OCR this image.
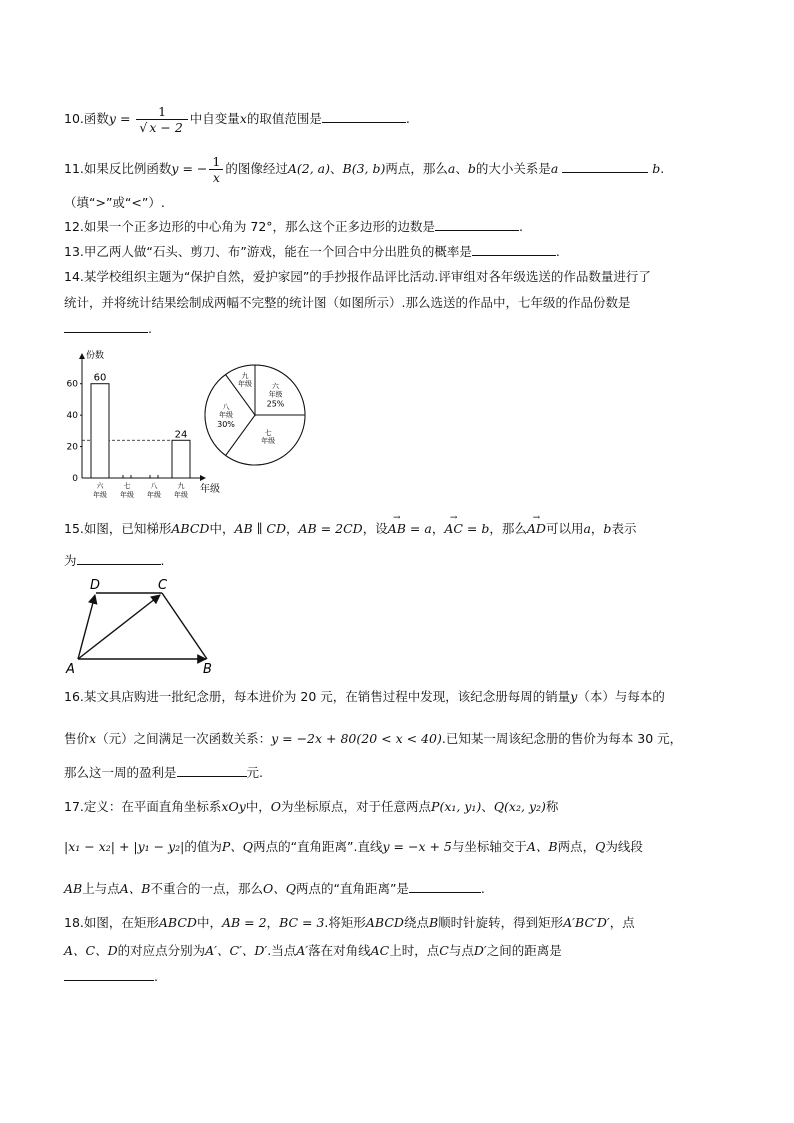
10.函数$y = \frac{1}{√ x - 2}$ 中自变量x的取值范围是	.
11.如果反比例函数y = − $\frac{1}{x}$ 的图像经过A(2, a)、B(3, b)两点，那么a、b的大小关系是a	b.
（填“>”或“<”）.
12.如果一个正多边形的中心角为 72°，那么这个正多边形的边数是	.
13.甲乙两人做“石头、剪刀、布”游戏，能在一个回合中分出胜负的概率是	.
14.某学校组织主题为“保护自然，爱护家园”的手抄报作品评比活动.评审组对各年级选送的作品数量进行了
统计，并将统计结果绘制成两幅不完整的统计图（如图所示）.那么选送的作品中，七年级的作品份数是
.
份数
年级
0
20
40
60
60
六
年级
七
年级
八
年级
24
九
年级
六
年级
25%
七
年级
八
年级
30%
九
年级
15.如图，已知梯形ABCD中，AB ∥ CD，AB = 2CD，设→ AB = a，→ AC = b，那么→ AD可以用a，b表示
为	.
A	B
C
D
16.某文具店购进一批纪念册，每本进价为 20 元，在销售过程中发现，该纪念册每周的销量y（本）与每本的
售价x（元）之间满足一次函数关系：y = −2x + 80(20 < x < 40).已知某一周该纪念册的售价为每本 30 元，
那么这一周的盈利是	元.
17.定义：在平面直角坐标系xOy中，O为坐标原点，对于任意两点P(x₁, y₁)、Q(x₂, y₂)称
|x₁ − x₂| + |y₁ − y₂|的值为P、Q两点的“直角距离”.直线y = −x + 5与坐标轴交于A、B两点，Q为线段
AB上与点A、B不重合的一点，那么O、Q两点的“直角距离”是	.
18.如图，在矩形ABCD中，AB = 2，BC = 3.将矩形ABCD绕点B顺时针旋转，得到矩形A′BC′D′，点
A、C、D的对应点分别为A′、C′、D′.当点A′落在对角线AC上时，点C与点D′之间的距离是
.
